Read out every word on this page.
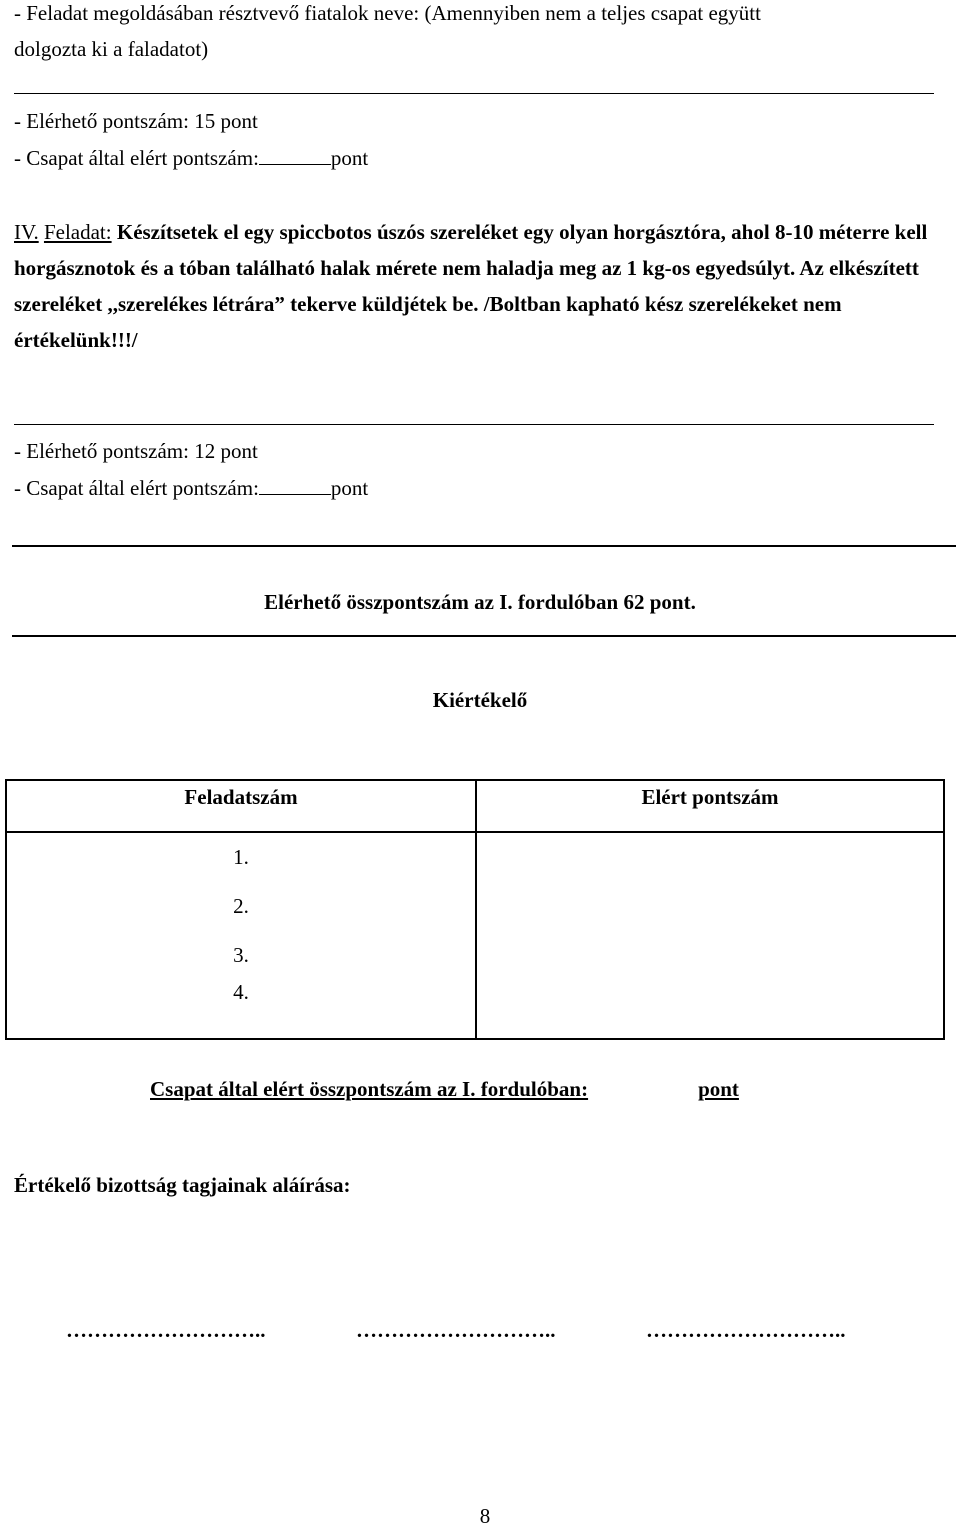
- Feladat megoldásában résztvevő fiatalok neve: (Amennyiben nem a teljes csapat együtt
dolgozta ki a faladatot)
- Elérhető pontszám: 15 pont
- Csapat által elért pontszám:	pont
IV. Feladat: Készítsetek el egy spiccbotos úszós szereléket egy olyan horgásztóra, ahol 8-10 méterre kell horgásznotok és a tóban található halak mérete nem haladja meg az 1 kg-os egyedsúlyt. Az elkészített szereléket ,,szerelékes létrára” tekerve küldjétek be. /Boltban kapható kész szerelékeket nem értékelünk!!!/
- Elérhető pontszám: 12 pont
- Csapat által elért pontszám:	pont
Elérhető összpontszám az I. fordulóban 62 pont.
Kiértékelő
Feladatszám	Elért pontszám
1.	
2.	
3.	
4.	
Csapat által elért összpontszám az I. fordulóban:	pont
Értékelő bizottság tagjainak aláírása:
………………………..	………………………..	………………………..
8
